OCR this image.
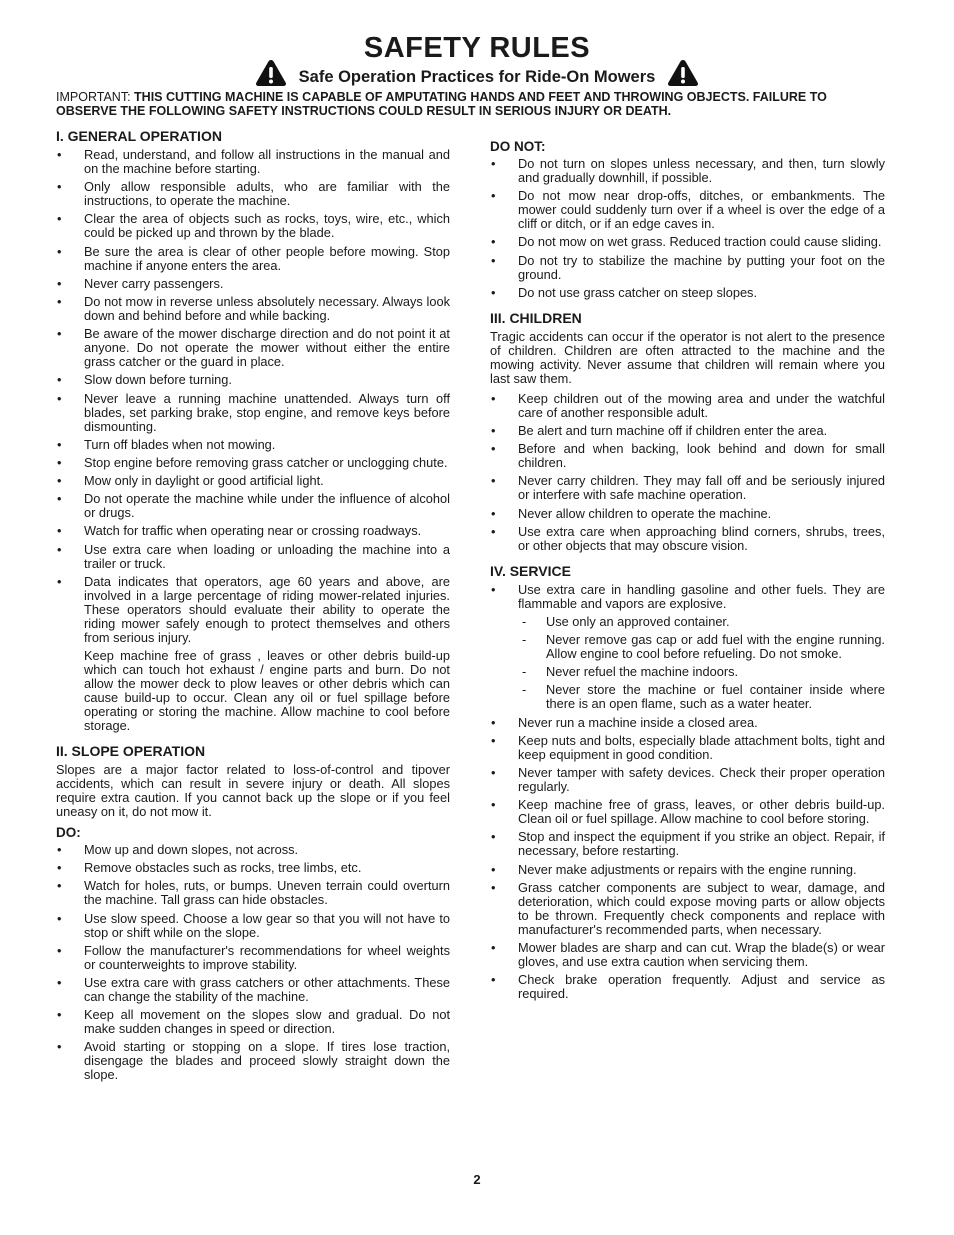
SAFETY RULES
Safe Operation Practices for Ride-On Mowers

IMPORTANT: THIS CUTTING MACHINE IS CAPABLE OF AMPUTATING HANDS AND FEET AND THROWING OBJECTS. FAILURE TO OBSERVE THE FOLLOWING SAFETY INSTRUCTIONS COULD RESULT IN SERIOUS INJURY OR DEATH.

I. GENERAL OPERATION
• Read, understand, and follow all instructions in the manual and on the machine before starting.
• Only allow responsible adults, who are familiar with the instructions, to operate the machine.
• Clear the area of objects such as rocks, toys, wire, etc., which could be picked up and thrown by the blade.
• Be sure the area is clear of other people before mowing. Stop machine if anyone enters the area.
• Never carry passengers.
• Do not mow in reverse unless absolutely necessary. Always look down and behind before and while backing.
• Be aware of the mower discharge direction and do not point it at anyone. Do not operate the mower without either the entire grass catcher or the guard in place.
• Slow down before turning.
• Never leave a running machine unattended. Always turn off blades, set parking brake, stop engine, and remove keys before dismounting.
• Turn off blades when not mowing.
• Stop engine before removing grass catcher or unclogging chute.
• Mow only in daylight or good artificial light.
• Do not operate the machine while under the influence of alcohol or drugs.
• Watch for traffic when operating near or crossing roadways.
• Use extra care when loading or unloading the machine into a trailer or truck.
• Data indicates that operators, age 60 years and above, are involved in a large percentage of riding mower-related injuries. These operators should evaluate their ability to operate the riding mower safely enough to protect themselves and others from serious injury.

Keep machine free of grass , leaves or other debris build-up which can touch hot exhaust / engine parts and burn. Do not allow the mower deck to plow leaves or other debris which can cause build-up to occur. Clean any oil or fuel spillage before operating or storing the machine. Allow machine to cool before storage.

II. SLOPE OPERATION

Slopes are a major factor related to loss-of-control and tipover accidents, which can result in severe injury or death. All slopes require extra caution. If you cannot back up the slope or if you feel uneasy on it, do not mow it.

DO:
• Mow up and down slopes, not across.
• Remove obstacles such as rocks, tree limbs, etc.
• Watch for holes, ruts, or bumps. Uneven terrain could overturn the machine. Tall grass can hide obstacles.
• Use slow speed. Choose a low gear so that you will not have to stop or shift while on the slope.
• Follow the manufacturer's recommendations for wheel weights or counterweights to improve stability.
• Use extra care with grass catchers or other attachments. These can change the stability of the machine.
• Keep all movement on the slopes slow and gradual. Do not make sudden changes in speed or direction.
• Avoid starting or stopping on a slope. If tires lose traction, disengage the blades and proceed slowly straight down the slope.
DO NOT:
• Do not turn on slopes unless necessary, and then, turn slowly and gradually downhill, if possible.
• Do not mow near drop-offs, ditches, or embankments. The mower could suddenly turn over if a wheel is over the edge of a cliff or ditch, or if an edge caves in.
• Do not mow on wet grass. Reduced traction could cause sliding.
• Do not try to stabilize the machine by putting your foot on the ground.
• Do not use grass catcher on steep slopes.
III. CHILDREN

Tragic accidents can occur if the operator is not alert to the presence of children. Children are often attracted to the machine and the mowing activity. Never assume that children will remain where you last saw them.

• Keep children out of the mowing area and under the watchful care of another responsible adult.
• Be alert and turn machine off if children enter the area.
• Before and when backing, look behind and down for small children.
• Never carry children. They may fall off and be seriously injured or interfere with safe machine operation.
• Never allow children to operate the machine.
• Use extra care when approaching blind corners, shrubs, trees, or other objects that may obscure vision.
IV. SERVICE
• Use extra care in handling gasoline and other fuels. They are flammable and vapors are explosive.
- Use only an approved container.
- Never remove gas cap or add fuel with the engine running. Allow engine to cool before refueling. Do not smoke.
- Never refuel the machine indoors.
- Never store the machine or fuel container inside where there is an open flame, such as a water heater.
• Never run a machine inside a closed area.
• Keep nuts and bolts, especially blade attachment bolts, tight and keep equipment in good condition.
• Never tamper with safety devices. Check their proper operation regularly.
• Keep machine free of grass, leaves, or other debris build-up. Clean oil or fuel spillage. Allow machine to cool before storing.
• Stop and inspect the equipment if you strike an object. Repair, if necessary, before restarting.
• Never make adjustments or repairs with the engine running.
• Grass catcher components are subject to wear, damage, and deterioration, which could expose moving parts or allow objects to be thrown. Frequently check components and replace with manufacturer's recommended parts, when necessary.
• Mower blades are sharp and can cut. Wrap the blade(s) or wear gloves, and use extra caution when servicing them.
• Check brake operation frequently. Adjust and service as required.
2
